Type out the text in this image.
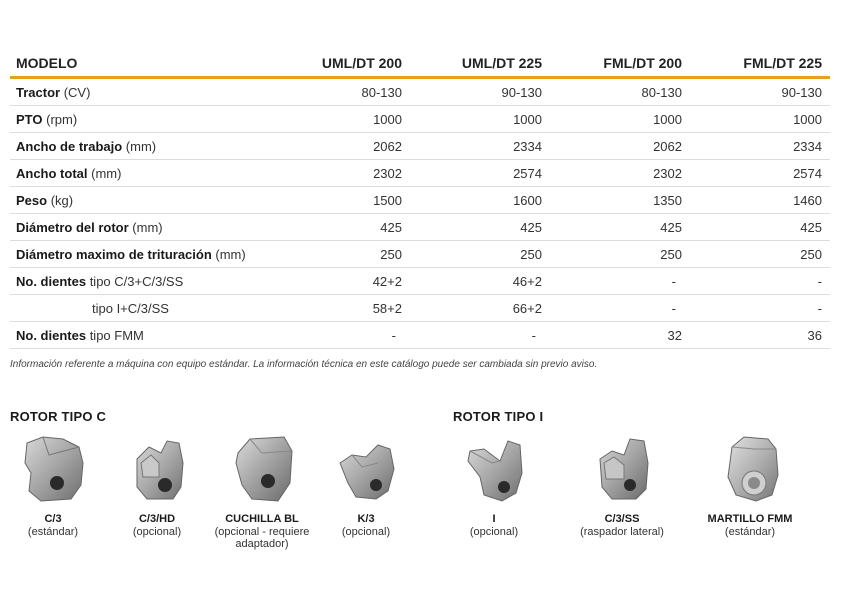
MODELO	UML/DT 200	UML/DT 225	FML/DT 200	FML/DT 225
Tractor (CV)	80-130	90-130	80-130	90-130
PTO (rpm)	1000	1000	1000	1000
Ancho de trabajo (mm)	2062	2334	2062	2334
Ancho total (mm)	2302	2574	2302	2574
Peso (kg)	1500	1600	1350	1460
Diámetro del rotor (mm)	425	425	425	425
Diámetro maximo de trituración (mm)	250	250	250	250
No. dientes tipo C/3+C/3/SS	42+2	46+2	-	-
tipo I+C/3/SS	58+2	66+2	-	-
No. dientes tipo FMM	-	-	32	36
Información referente a máquina con equipo estándar. La información técnica en este catálogo puede ser cambiada sin previo aviso.
ROTOR TIPO C	ROTOR TIPO I
C/3
(estándar)
C/3/HD
(opcional)
CUCHILLA BL
(opcional - requiere adaptador)
K/3
(opcional)
I
(opcional)
C/3/SS
(raspador lateral)
MARTILLO FMM
(estándar)
